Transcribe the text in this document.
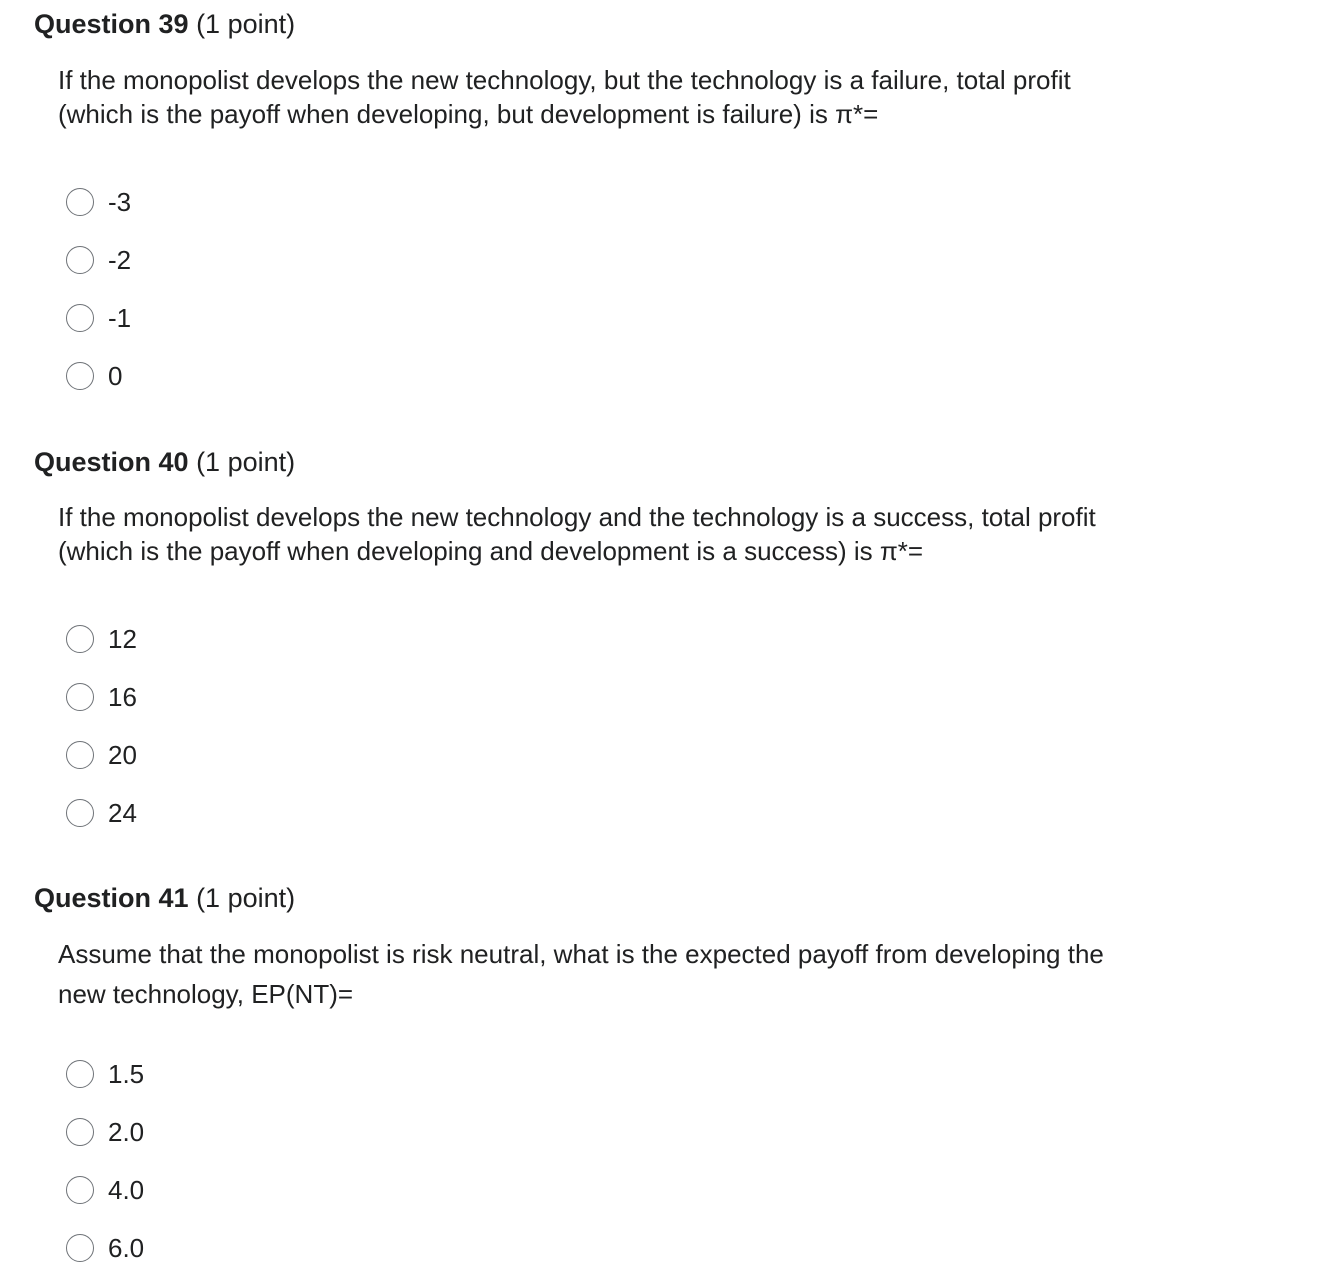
Question 39 (1 point)

If the monopolist develops the new technology, but the technology is a failure, total profit
(which is the payoff when developing, but development is failure) is π*=

-3
-2
-1
0
Question 40 (1 point)

If the monopolist develops the new technology and the technology is a success, total profit
(which is the payoff when developing and development is a success) is π*=

12
16
20
24
Question 41 (1 point)

Assume that the monopolist is risk neutral, what is the expected payoff from developing the
new technology, EP(NT)=

1.5
2.0
4.0
6.0
